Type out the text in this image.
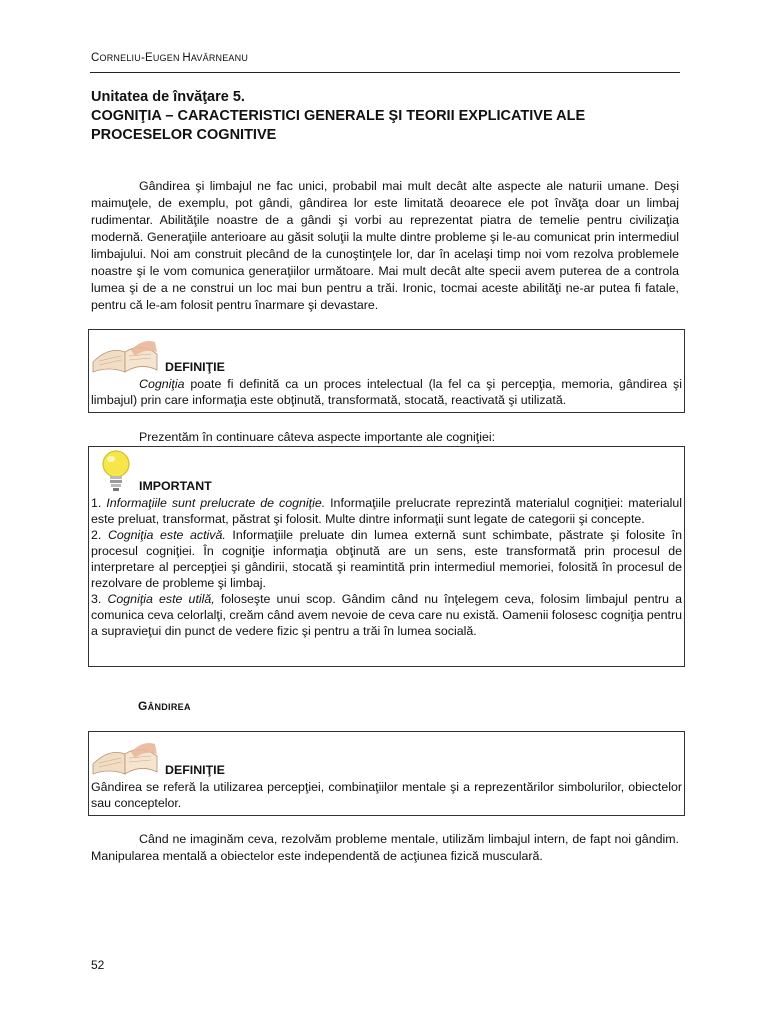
CORNELIU-EUGEN HAVÂRNEANU
Unitatea de învăţare 5.
COGNIŢIA – CARACTERISTICI GENERALE ŞI TEORII EXPLICATIVE ALE PROCESELOR COGNITIVE
Gândirea şi limbajul ne fac unici, probabil mai mult decât alte aspecte ale naturii umane. Deşi maimuţele, de exemplu, pot gândi, gândirea lor este limitată deoarece ele pot învăţa doar un limbaj rudimentar. Abilităţile noastre de a gândi şi vorbi au reprezentat piatra de temelie pentru civilizaţia modernă. Generaţiile anterioare au găsit soluţii la multe dintre probleme şi le-au comunicat prin intermediul limbajului. Noi am construit plecând de la cunoştinţele lor, dar în acelaşi timp noi vom rezolva problemele noastre şi le vom comunica generaţiilor următoare. Mai mult decât alte specii avem puterea de a controla lumea şi de a ne construi un loc mai bun pentru a trăi. Ironic, tocmai aceste abilităţi ne-ar putea fi fatale, pentru că le-am folosit pentru înarmare şi devastare.
DEFINIŢIE
Cogniţia poate fi definită ca un proces intelectual (la fel ca şi percepţia, memoria, gândirea şi limbajul) prin care informaţia este obţinută, transformată, stocată, reactivată şi utilizată.
Prezentăm în continuare câteva aspecte importante ale cogniţiei:
IMPORTANT
1. Informaţiile sunt prelucrate de cogniţie. Informaţiile prelucrate reprezintă materialul cogniţiei: materialul este preluat, transformat, păstrat şi folosit. Multe dintre informaţii sunt legate de categorii şi concepte.
2. Cogniţia este activă. Informaţiile preluate din lumea externă sunt schimbate, păstrate şi folosite în procesul cogniţiei. În cogniţie informaţia obţinută are un sens, este transformată prin procesul de interpretare al percepţiei şi gândirii, stocată şi reamintită prin intermediul memoriei, folosită în procesul de rezolvare de probleme şi limbaj.
3. Cogniţia este utilă, foloseşte unui scop. Gândim când nu înţelegem ceva, folosim limbajul pentru a comunica ceva celorlalţi, creăm când avem nevoie de ceva care nu există. Oamenii folosesc cogniţia pentru a supravieţui din punct de vedere fizic şi pentru a trăi în lumea socială.
GÂNDIREA
DEFINIŢIE
Gândirea se referă la utilizarea percepţiei, combinaţiilor mentale şi a reprezentărilor simbolurilor, obiectelor sau conceptelor.
Când ne imaginăm ceva, rezolvăm probleme mentale, utilizăm limbajul intern, de fapt noi gândim. Manipularea mentală a obiectelor este independentă de acţiunea fizică musculară.
52
